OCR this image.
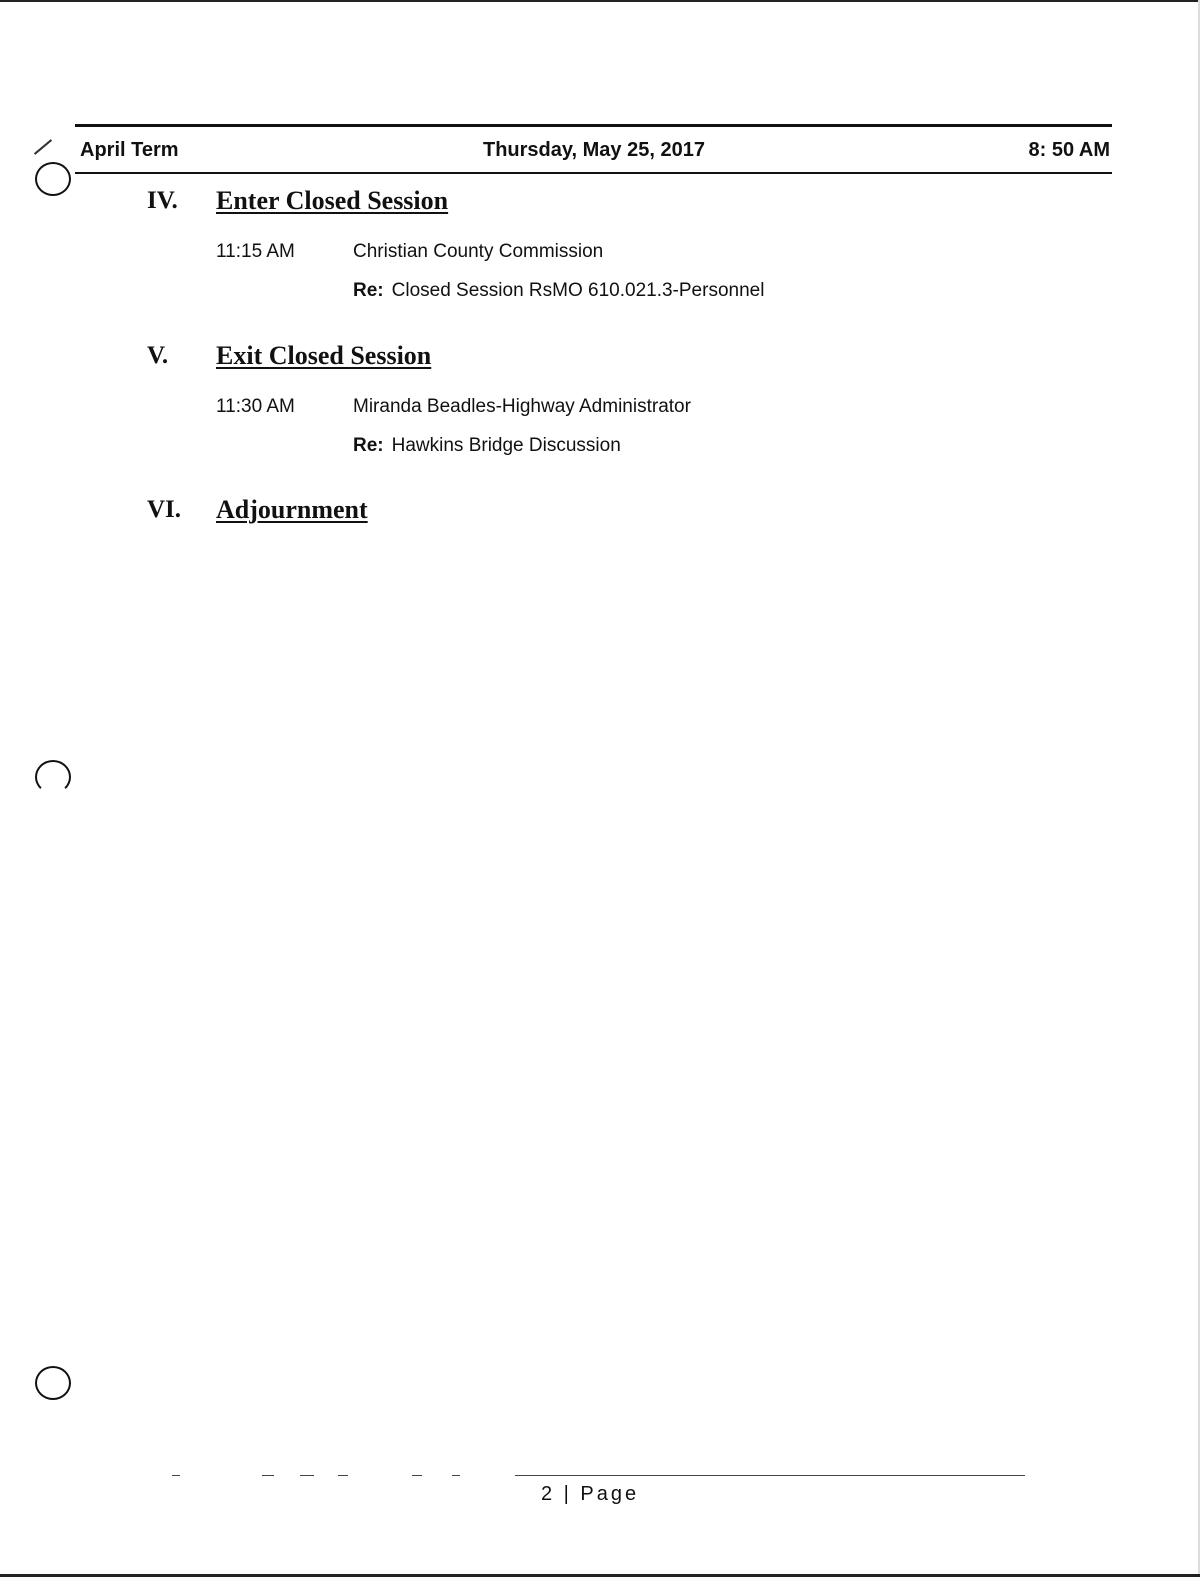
April Term	Thursday, May 25, 2017	8: 50 AM
IV. Enter Closed Session
11:15 AM	Christian County Commission
Re: Closed Session RsMO 610.021.3-Personnel
V. Exit Closed Session
11:30 AM	Miranda Beadles-Highway Administrator
Re: Hawkins Bridge Discussion
VI. Adjournment
2 | Page
